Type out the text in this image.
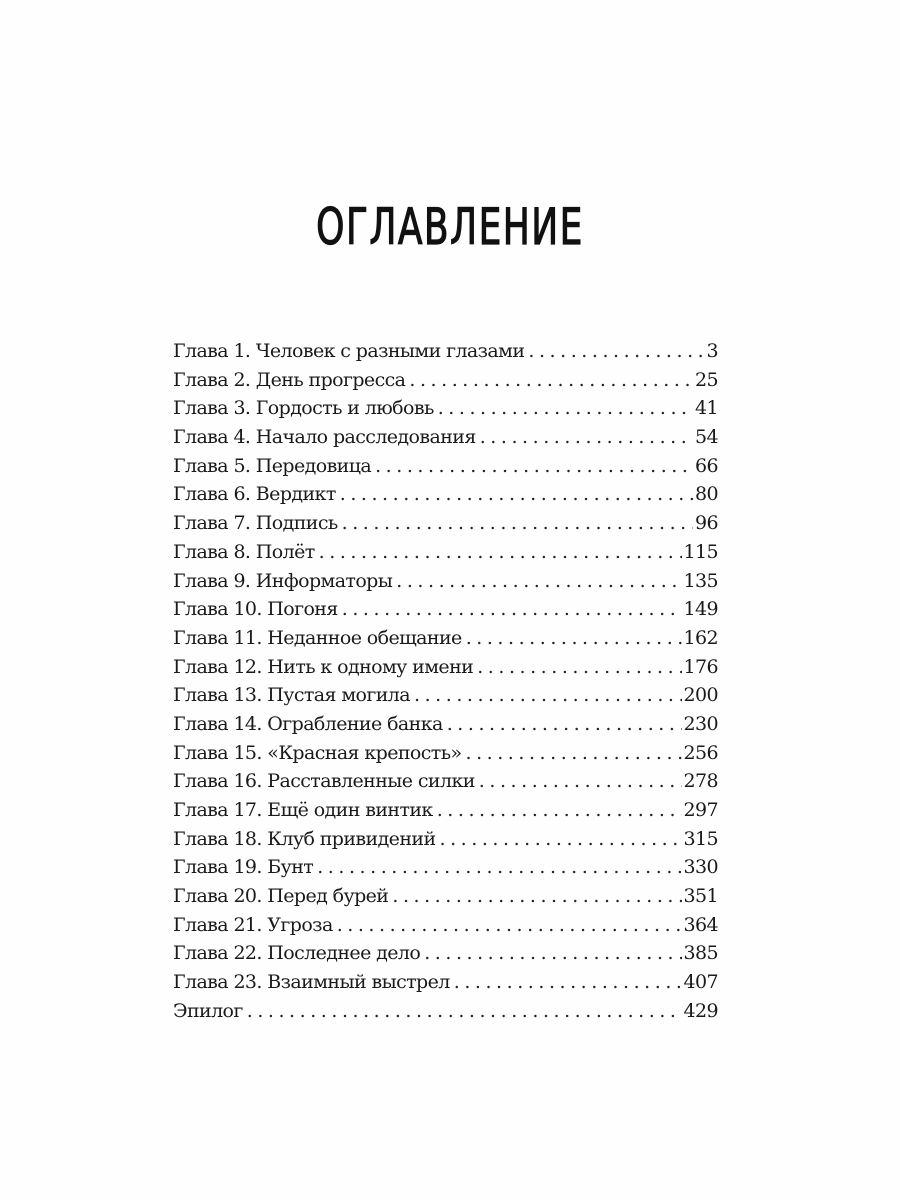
ОГЛАВЛЕНИЕ
Глава 1. Человек с разными глазами . . .	3
Глава 2. День прогресса . . .	25
Глава 3. Гордость и любовь . . .	41
Глава 4. Начало расследования . . .	54
Глава 5. Передовица . . .	66
Глава 6. Вердикт . . .	80
Глава 7. Подпись . . .	96
Глава 8. Полёт . . .	115
Глава 9. Информаторы . . .	135
Глава 10. Погоня . . .	149
Глава 11. Неданное обещание . . .	162
Глава 12. Нить к одному имени . . .	176
Глава 13. Пустая могила . . .	200
Глава 14. Ограбление банка . . .	230
Глава 15. «Красная крепость» . . .	256
Глава 16. Расставленные силки . . .	278
Глава 17. Ещё один винтик . . .	297
Глава 18. Клуб привидений . . .	315
Глава 19. Бунт . . .	330
Глава 20. Перед бурей . . .	351
Глава 21. Угроза . . .	364
Глава 22. Последнее дело . . .	385
Глава 23. Взаимный выстрел . . .	407
Эпилог . . .	429
